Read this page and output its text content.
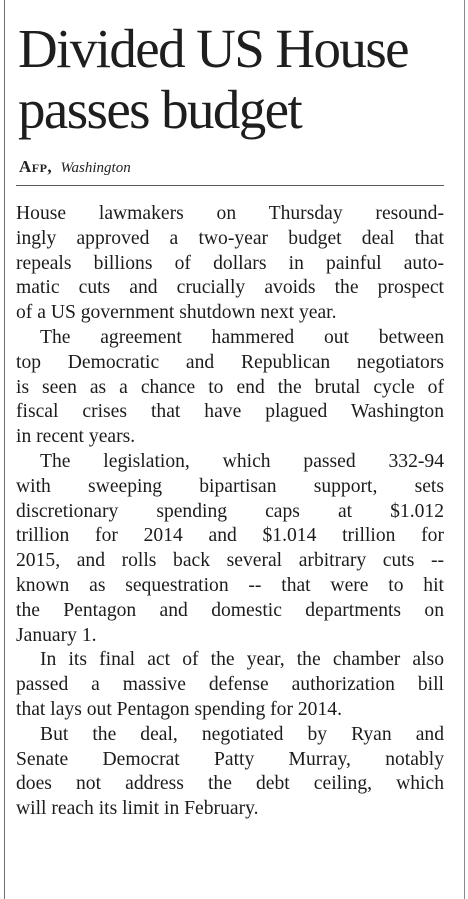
Divided US House
passes budget
Afp, Washington
House lawmakers on Thursday resound-
ingly approved a two-year budget deal that
repeals billions of dollars in painful auto-
matic cuts and crucially avoids the prospect
of a US government shutdown next year.
The agreement hammered out between
top Democratic and Republican negotiators
is seen as a chance to end the brutal cycle of
fiscal crises that have plagued Washington
in recent years.
The legislation, which passed 332-94
with sweeping bipartisan support, sets
discretionary spending caps at $1.012
trillion for 2014 and $1.014 trillion for
2015, and rolls back several arbitrary cuts --
known as sequestration -- that were to hit
the Pentagon and domestic departments on
January 1.
In its final act of the year, the chamber also
passed a massive defense authorization bill
that lays out Pentagon spending for 2014.
But the deal, negotiated by Ryan and
Senate Democrat Patty Murray, notably
does not address the debt ceiling, which
will reach its limit in February.
